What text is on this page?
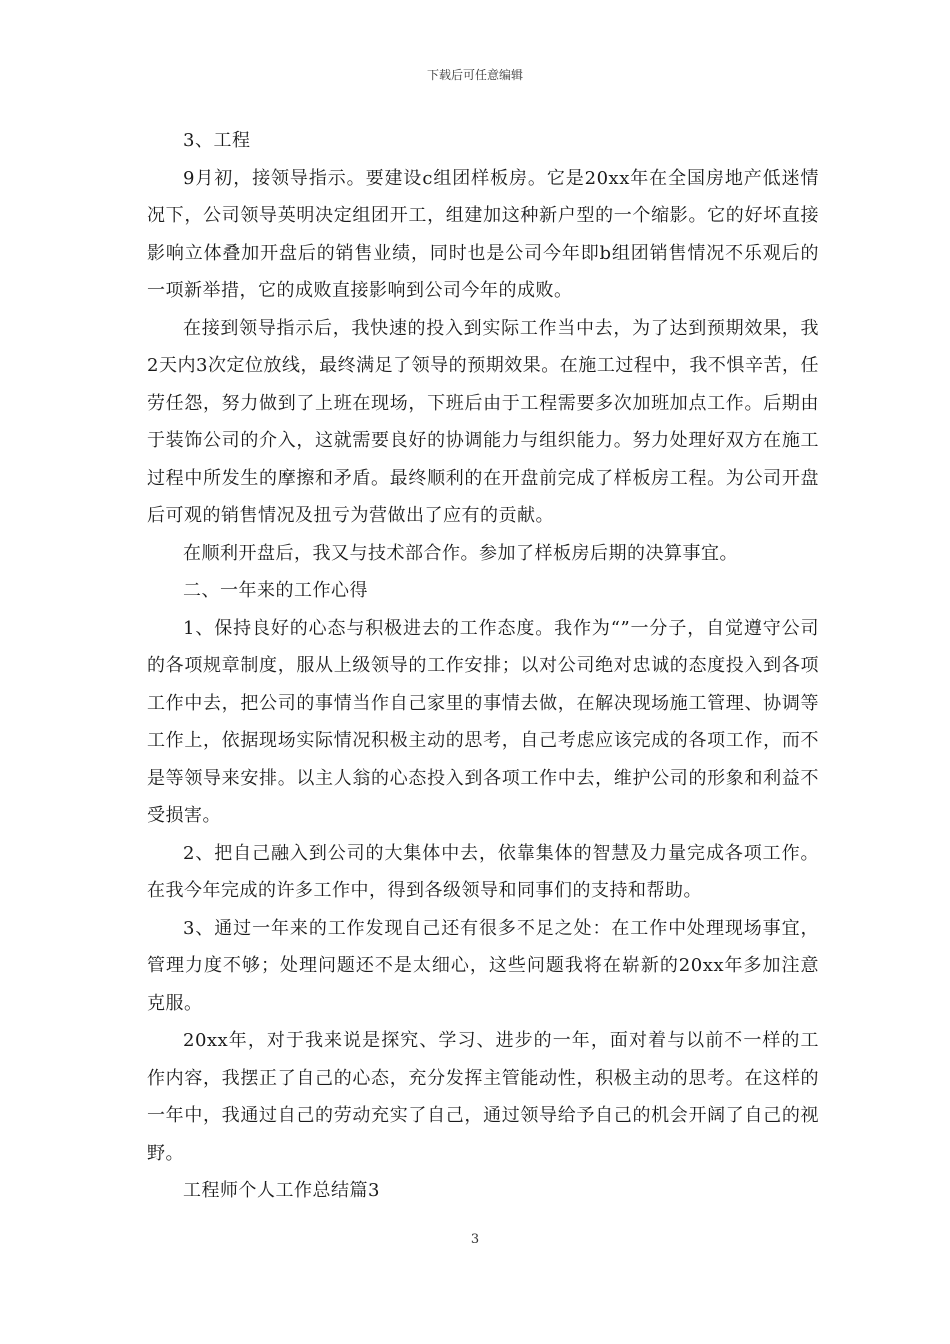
下载后可任意编辑

3、工程

9月初，接领导指示。要建设c组团样板房。它是20xx年在全国房地产低迷情况下，公司领导英明决定组团开工，组建加这种新户型的一个缩影。它的好坏直接影响立体叠加开盘后的销售业绩，同时也是公司今年即b组团销售情况不乐观后的一项新举措，它的成败直接影响到公司今年的成败。

在接到领导指示后，我快速的投入到实际工作当中去，为了达到预期效果，我2天内3次定位放线，最终满足了领导的预期效果。在施工过程中，我不惧辛苦，任劳任怨，努力做到了上班在现场，下班后由于工程需要多次加班加点工作。后期由于装饰公司的介入，这就需要良好的协调能力与组织能力。努力处理好双方在施工过程中所发生的摩擦和矛盾。最终顺利的在开盘前完成了样板房工程。为公司开盘后可观的销售情况及扭亏为营做出了应有的贡献。

在顺利开盘后，我又与技术部合作。参加了样板房后期的决算事宜。

二、一年来的工作心得

1、保持良好的心态与积极进去的工作态度。我作为“”一分子，自觉遵守公司的各项规章制度，服从上级领导的工作安排；以对公司绝对忠诚的态度投入到各项工作中去，把公司的事情当作自己家里的事情去做，在解决现场施工管理、协调等工作上，依据现场实际情况积极主动的思考，自己考虑应该完成的各项工作，而不是等领导来安排。以主人翁的心态投入到各项工作中去，维护公司的形象和利益不受损害。

2、把自己融入到公司的大集体中去，依靠集体的智慧及力量完成各项工作。在我今年完成的许多工作中，得到各级领导和同事们的支持和帮助。

3、通过一年来的工作发现自己还有很多不足之处：在工作中处理现场事宜，管理力度不够；处理问题还不是太细心，这些问题我将在崭新的20xx年多加注意克服。

20xx年，对于我来说是探究、学习、进步的一年，面对着与以前不一样的工作内容，我摆正了自己的心态，充分发挥主管能动性，积极主动的思考。在这样的一年中，我通过自己的劳动充实了自己，通过领导给予自己的机会开阔了自己的视野。

工程师个人工作总结篇3

3
